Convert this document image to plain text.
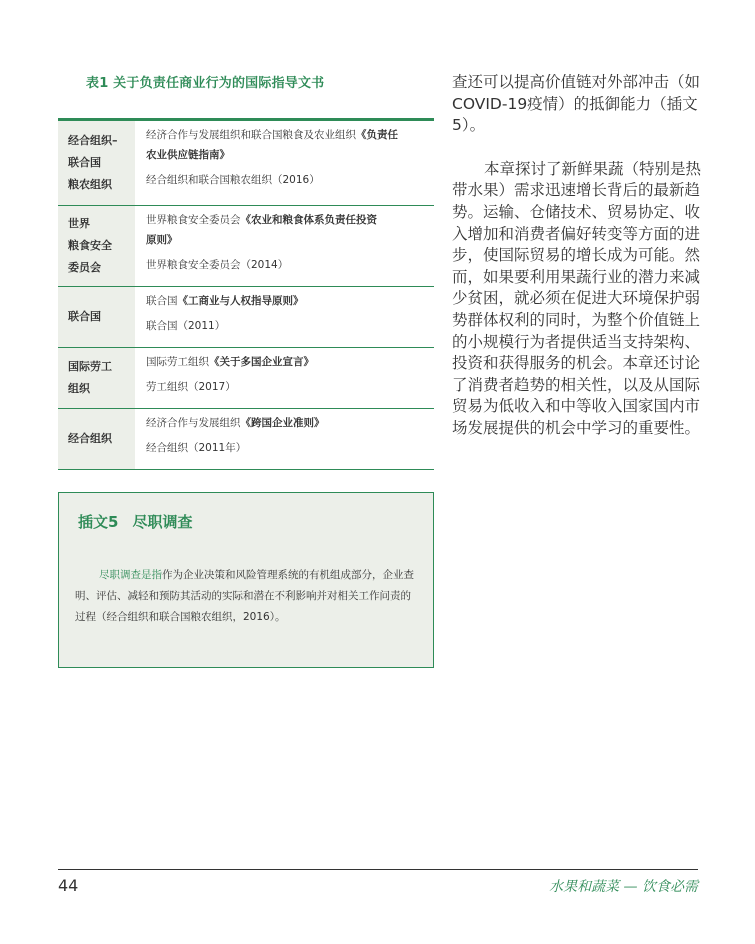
表1 关于负责任商业行为的国际指导文书
经合组织–
联合国
粮农组织
经济合作与发展组织和联合国粮食及农业组织《负责任
农业供应链指南》
经合组织和联合国粮农组织（2016）
世界
粮食安全
委员会
世界粮食安全委员会《农业和粮食体系负责任投资
原则》
世界粮食安全委员会（2014）
联合国
联合国《工商业与人权指导原则》
联合国（2011）
国际劳工
组织
国际劳工组织《关于多国企业宣言》
劳工组织（2017）
经合组织
经济合作与发展组织《跨国企业准则》
经合组织（2011年）
插文5 尽职调查
尽职调查是指作为企业决策和风险管理系统的有机组成部分，企业查明、评估、减轻和预防其活动的实际和潜在不利影响并对相关工作问责的过程（经合组织和联合国粮农组织，2016）。

查还可以提高价值链对外部冲击（如COVID-19疫情）的抵御能力（插文5）。

本章探讨了新鲜果蔬（特别是热带水果）需求迅速增长背后的最新趋势。运输、仓储技术、贸易协定、收入增加和消费者偏好转变等方面的进步，使国际贸易的增长成为可能。然而，如果要利用果蔬行业的潜力来减少贫困，就必须在促进大环境保护弱势群体权利的同时，为整个价值链上的小规模行为者提供适当支持架构、投资和获得服务的机会。本章还讨论了消费者趋势的相关性，以及从国际贸易为低收入和中等收入国家国内市场发展提供的机会中学习的重要性。

44	水果和蔬菜 — 饮食必需
